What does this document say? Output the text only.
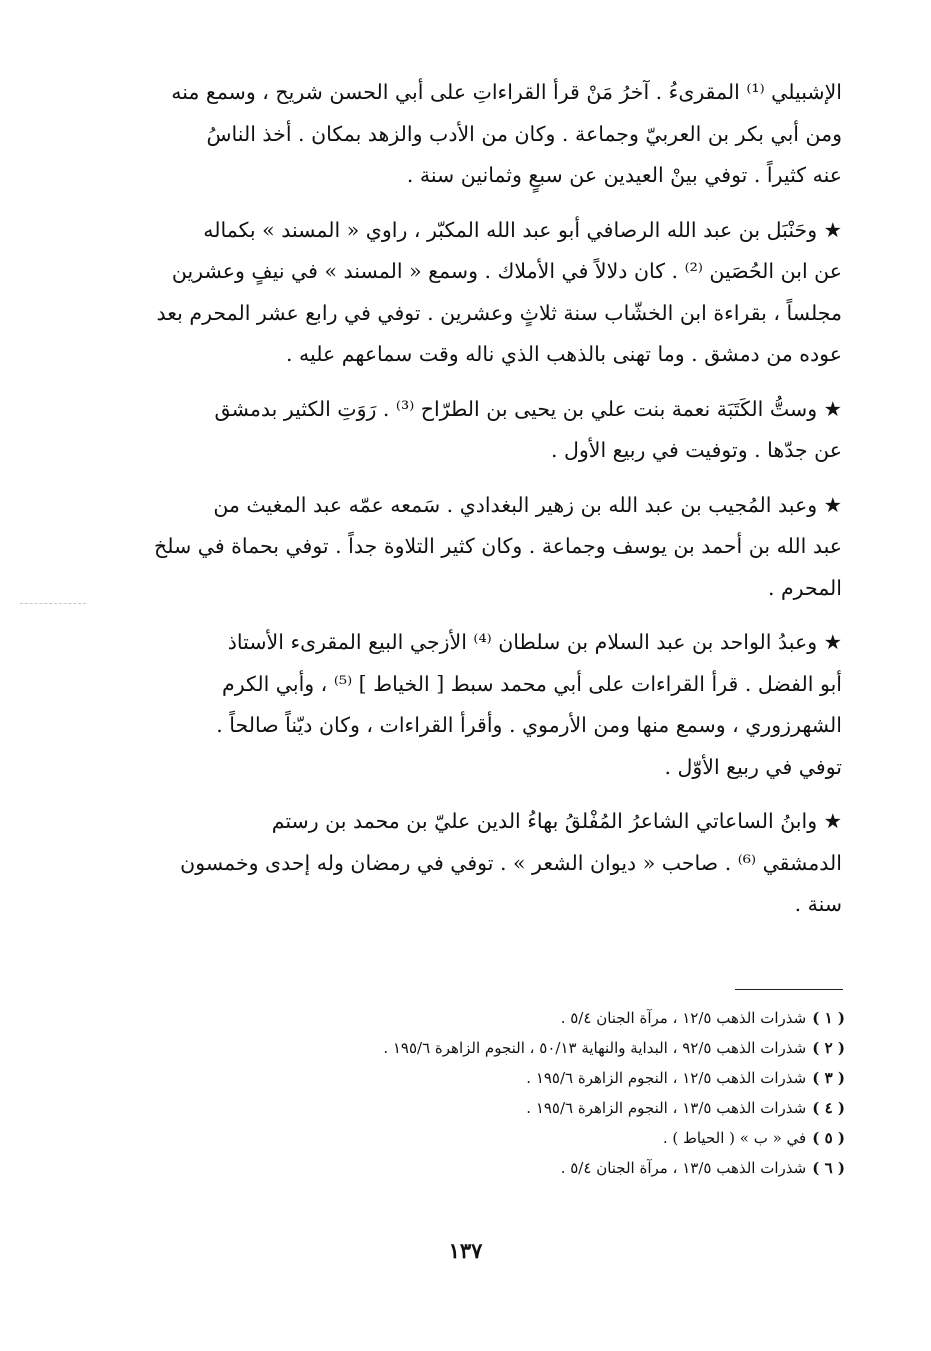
الإشبيلي ⁽¹⁾ المقرىءُ . آخرُ مَنْ قرأ القراءاتِ على أبي الحسن شريح ، وسمع منه
ومن أبي بكر بن العربيّ وجماعة . وكان من الأدب والزهد بمكان . أخذ الناسُ
عنه كثيراً . توفي بينْ العيدين عن سبعٍ وثمانين سنة .

★ وحَنْبَل بن عبد الله الرصافي أبو عبد الله المكبّر ، راوي « المسند » بكماله
عن ابن الحُصَين ⁽²⁾ . كان دلالاً في الأملاك . وسمع « المسند » في نيفٍ وعشرين
مجلساً ، بقراءة ابن الخشّاب سنة ثلاثٍ وعشرين . توفي في رابع عشر المحرم بعد
عوده من دمشق . وما تهنى بالذهب الذي ناله وقت سماعهم عليه .

★ وستُّ الكَتَبَة نعمة بنت علي بن يحيى بن الطرّاح ⁽³⁾ . رَوَتِ الكثير بدمشق
عن جدّها . وتوفيت في ربيع الأول .

★ وعبد المُجيب بن عبد الله بن زهير البغدادي . سَمعه عمّه عبد المغيث من
عبد الله بن أحمد بن يوسف وجماعة . وكان كثير التلاوة جداً . توفي بحماة في سلخ
المحرم .

★ وعبدُ الواحد بن عبد السلام بن سلطان ⁽⁴⁾ الأزجي البيع المقرىء الأستاذ
أبو الفضل . قرأ القراءات على أبي محمد سبط [ الخياط ] ⁽⁵⁾ ، وأبي الكرم
الشهرزوري ، وسمع منها ومن الأرموي . وأقرأ القراءات ، وكان ديّناً صالحاً .
توفي في ربيع الأوّل .

★ وابنُ الساعاتي الشاعرُ المُفْلقُ بهاءُ الدين عليّ بن محمد بن رستم
الدمشقي ⁽⁶⁾ . صاحب « ديوان الشعر » . توفي في رمضان وله إحدى وخمسون
سنة .

( ١ ) شذرات الذهب ١٢/٥ ، مرآة الجنان ٥/٤ .
( ٢ ) شذرات الذهب ٩٢/٥ ، البداية والنهاية ٥٠/١٣ ، النجوم الزاهرة ١٩٥/٦ .
( ٣ ) شذرات الذهب ١٢/٥ ، النجوم الزاهرة ١٩٥/٦ .
( ٤ ) شذرات الذهب ١٣/٥ ، النجوم الزاهرة ١٩٥/٦ .
( ٥ ) في « ب » ( الحياط ) .
( ٦ ) شذرات الذهب ١٣/٥ ، مرآة الجنان ٥/٤ .
١٣٧
